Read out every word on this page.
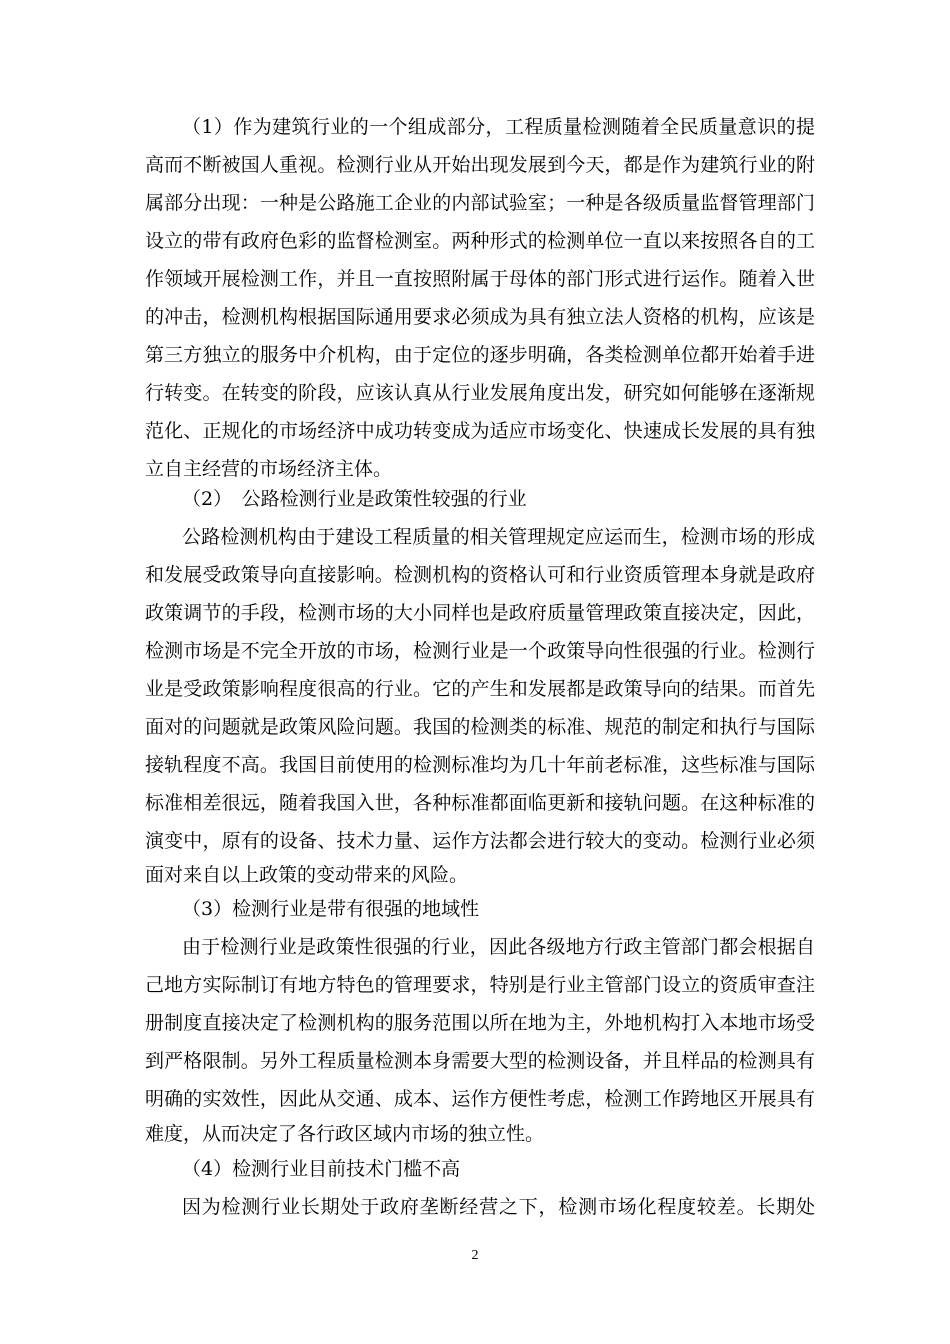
（1）作为建筑行业的一个组成部分，工程质量检测随着全民质量意识的提
高而不断被国人重视。检测行业从开始出现发展到今天，都是作为建筑行业的附
属部分出现：一种是公路施工企业的内部试验室；一种是各级质量监督管理部门
设立的带有政府色彩的监督检测室。两种形式的检测单位一直以来按照各自的工
作领域开展检测工作，并且一直按照附属于母体的部门形式进行运作。随着入世
的冲击，检测机构根据国际通用要求必须成为具有独立法人资格的机构，应该是
第三方独立的服务中介机构，由于定位的逐步明确，各类检测单位都开始着手进
行转变。在转变的阶段，应该认真从行业发展角度出发，研究如何能够在逐渐规
范化、正规化的市场经济中成功转变成为适应市场变化、快速成长发展的具有独
立自主经营的市场经济主体。
（2）　公路检测行业是政策性较强的行业
公路检测机构由于建设工程质量的相关管理规定应运而生，检测市场的形成
和发展受政策导向直接影响。检测机构的资格认可和行业资质管理本身就是政府
政策调节的手段，检测市场的大小同样也是政府质量管理政策直接决定，因此，
检测市场是不完全开放的市场，检测行业是一个政策导向性很强的行业。检测行
业是受政策影响程度很高的行业。它的产生和发展都是政策导向的结果。而首先
面对的问题就是政策风险问题。我国的检测类的标准、规范的制定和执行与国际
接轨程度不高。我国目前使用的检测标准均为几十年前老标准，这些标准与国际
标准相差很远，随着我国入世，各种标准都面临更新和接轨问题。在这种标准的
演变中，原有的设备、技术力量、运作方法都会进行较大的变动。检测行业必须
面对来自以上政策的变动带来的风险。
（3）检测行业是带有很强的地域性
由于检测行业是政策性很强的行业，因此各级地方行政主管部门都会根据自
己地方实际制订有地方特色的管理要求，特别是行业主管部门设立的资质审查注
册制度直接决定了检测机构的服务范围以所在地为主，外地机构打入本地市场受
到严格限制。另外工程质量检测本身需要大型的检测设备，并且样品的检测具有
明确的实效性，因此从交通、成本、运作方便性考虑，检测工作跨地区开展具有
难度，从而决定了各行政区域内市场的独立性。
（4）检测行业目前技术门槛不高
因为检测行业长期处于政府垄断经营之下，检测市场化程度较差。长期处
2
